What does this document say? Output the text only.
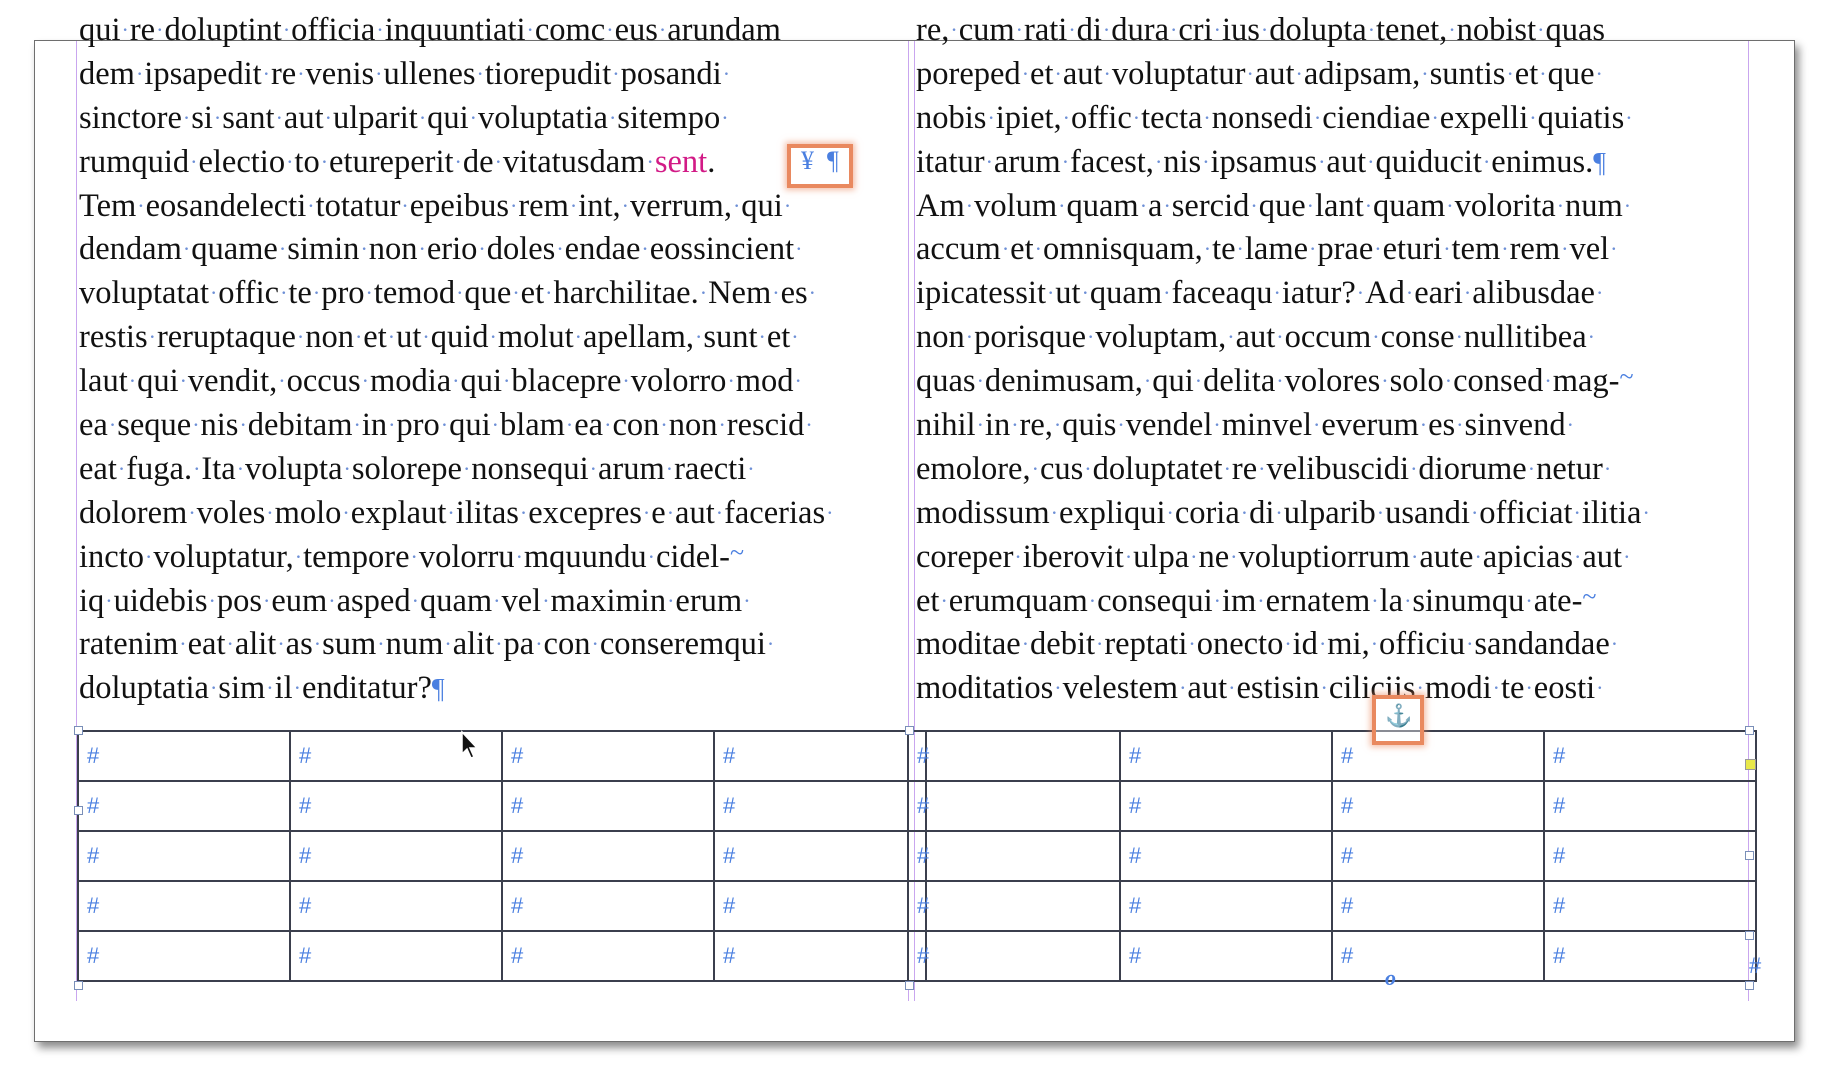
qui·re·doluptint·officia·inquuntiati·comc·eus·arundam
dem·ipsapedit·re·venis·ullenes·tiorepudit·posandi·
sinctore·si·sant·aut·ulparit·qui·voluptatia·sitempo·
rumquid·electio·to·etureperit·de·vitatusdam·sent.
Tem·eosandelecti·totatur·epeibus·rem·int,·verrum,·qui·
dendam·quame·simin·non·erio·doles·endae·eossincient·
voluptatat·offic·te·pro·temod·que·et·harchilitae.·Nem·es·
restis·reruptaque·non·et·ut·quid·molut·apellam,·sunt·et·
laut·qui·vendit,·occus·modia·qui·blacepre·volorro·mod·
ea·seque·nis·debitam·in·pro·qui·blam·ea·con·non·rescid·
eat·fuga.·Ita·volupta·solorepe·nonsequi·arum·raecti·
dolorem·voles·molo·explaut·ilitas·excepres·e·aut·facerias·
incto·voluptatur,·tempore·volorru·mquundu·cidel-~
iq·uidebis·pos·eum·asped·quam·vel·maximin·erum·
ratenim·eat·alit·as·sum·num·alit·pa·con·conseremqui·
doluptatia·sim·il·enditatur?¶
re,·cum·rati·di·dura·cri·ius·dolupta·tenet,·nobist·quas
poreped·et·aut·voluptatur·aut·adipsam,·suntis·et·que·
nobis·ipiet,·offic·tecta·nonsedi·ciendiae·expelli·quiatis·
itatur·arum·facest,·nis·ipsamus·aut·quiducit·enimus.¶
Am·volum·quam·a·sercid·que·lant·quam·volorita·num·
accum·et·omnisquam,·te·lame·prae·eturi·tem·rem·vel·
ipicatessit·ut·quam·faceaqu·iatur?·Ad·eari·alibusdae·
non·porisque·voluptam,·aut·occum·conse·nullitibea·
quas·denimusam,·qui·delita·volores·solo·consed·mag-~
nihil·in·re,·quis·vendel·minvel·everum·es·sinvend·
emolore,·cus·doluptatet·re·velibuscidi·diorume·netur·
modissum·expliqui·coria·di·ulparib·usandi·officiat·ilitia·
coreper·iberovit·ulpa·ne·voluptiorrum·aute·apicias·aut·
et·erumquam·consequi·im·ernatem·la·sinumqu·ate-~
moditae·debit·reptati·onecto·id·mi,·officiu·sandandae·
moditatios·velestem·aut·estisin·ciliciis·modi·te·eosti·
#	#	#	#
#	#	#	#
#	#	#	#
#	#	#	#
#	#	#	#
#	#	#	#
#	#	#	#
#	#	#	#
#	#	#	#
#	#	#	#
¥ ¶
⚓
o	#
